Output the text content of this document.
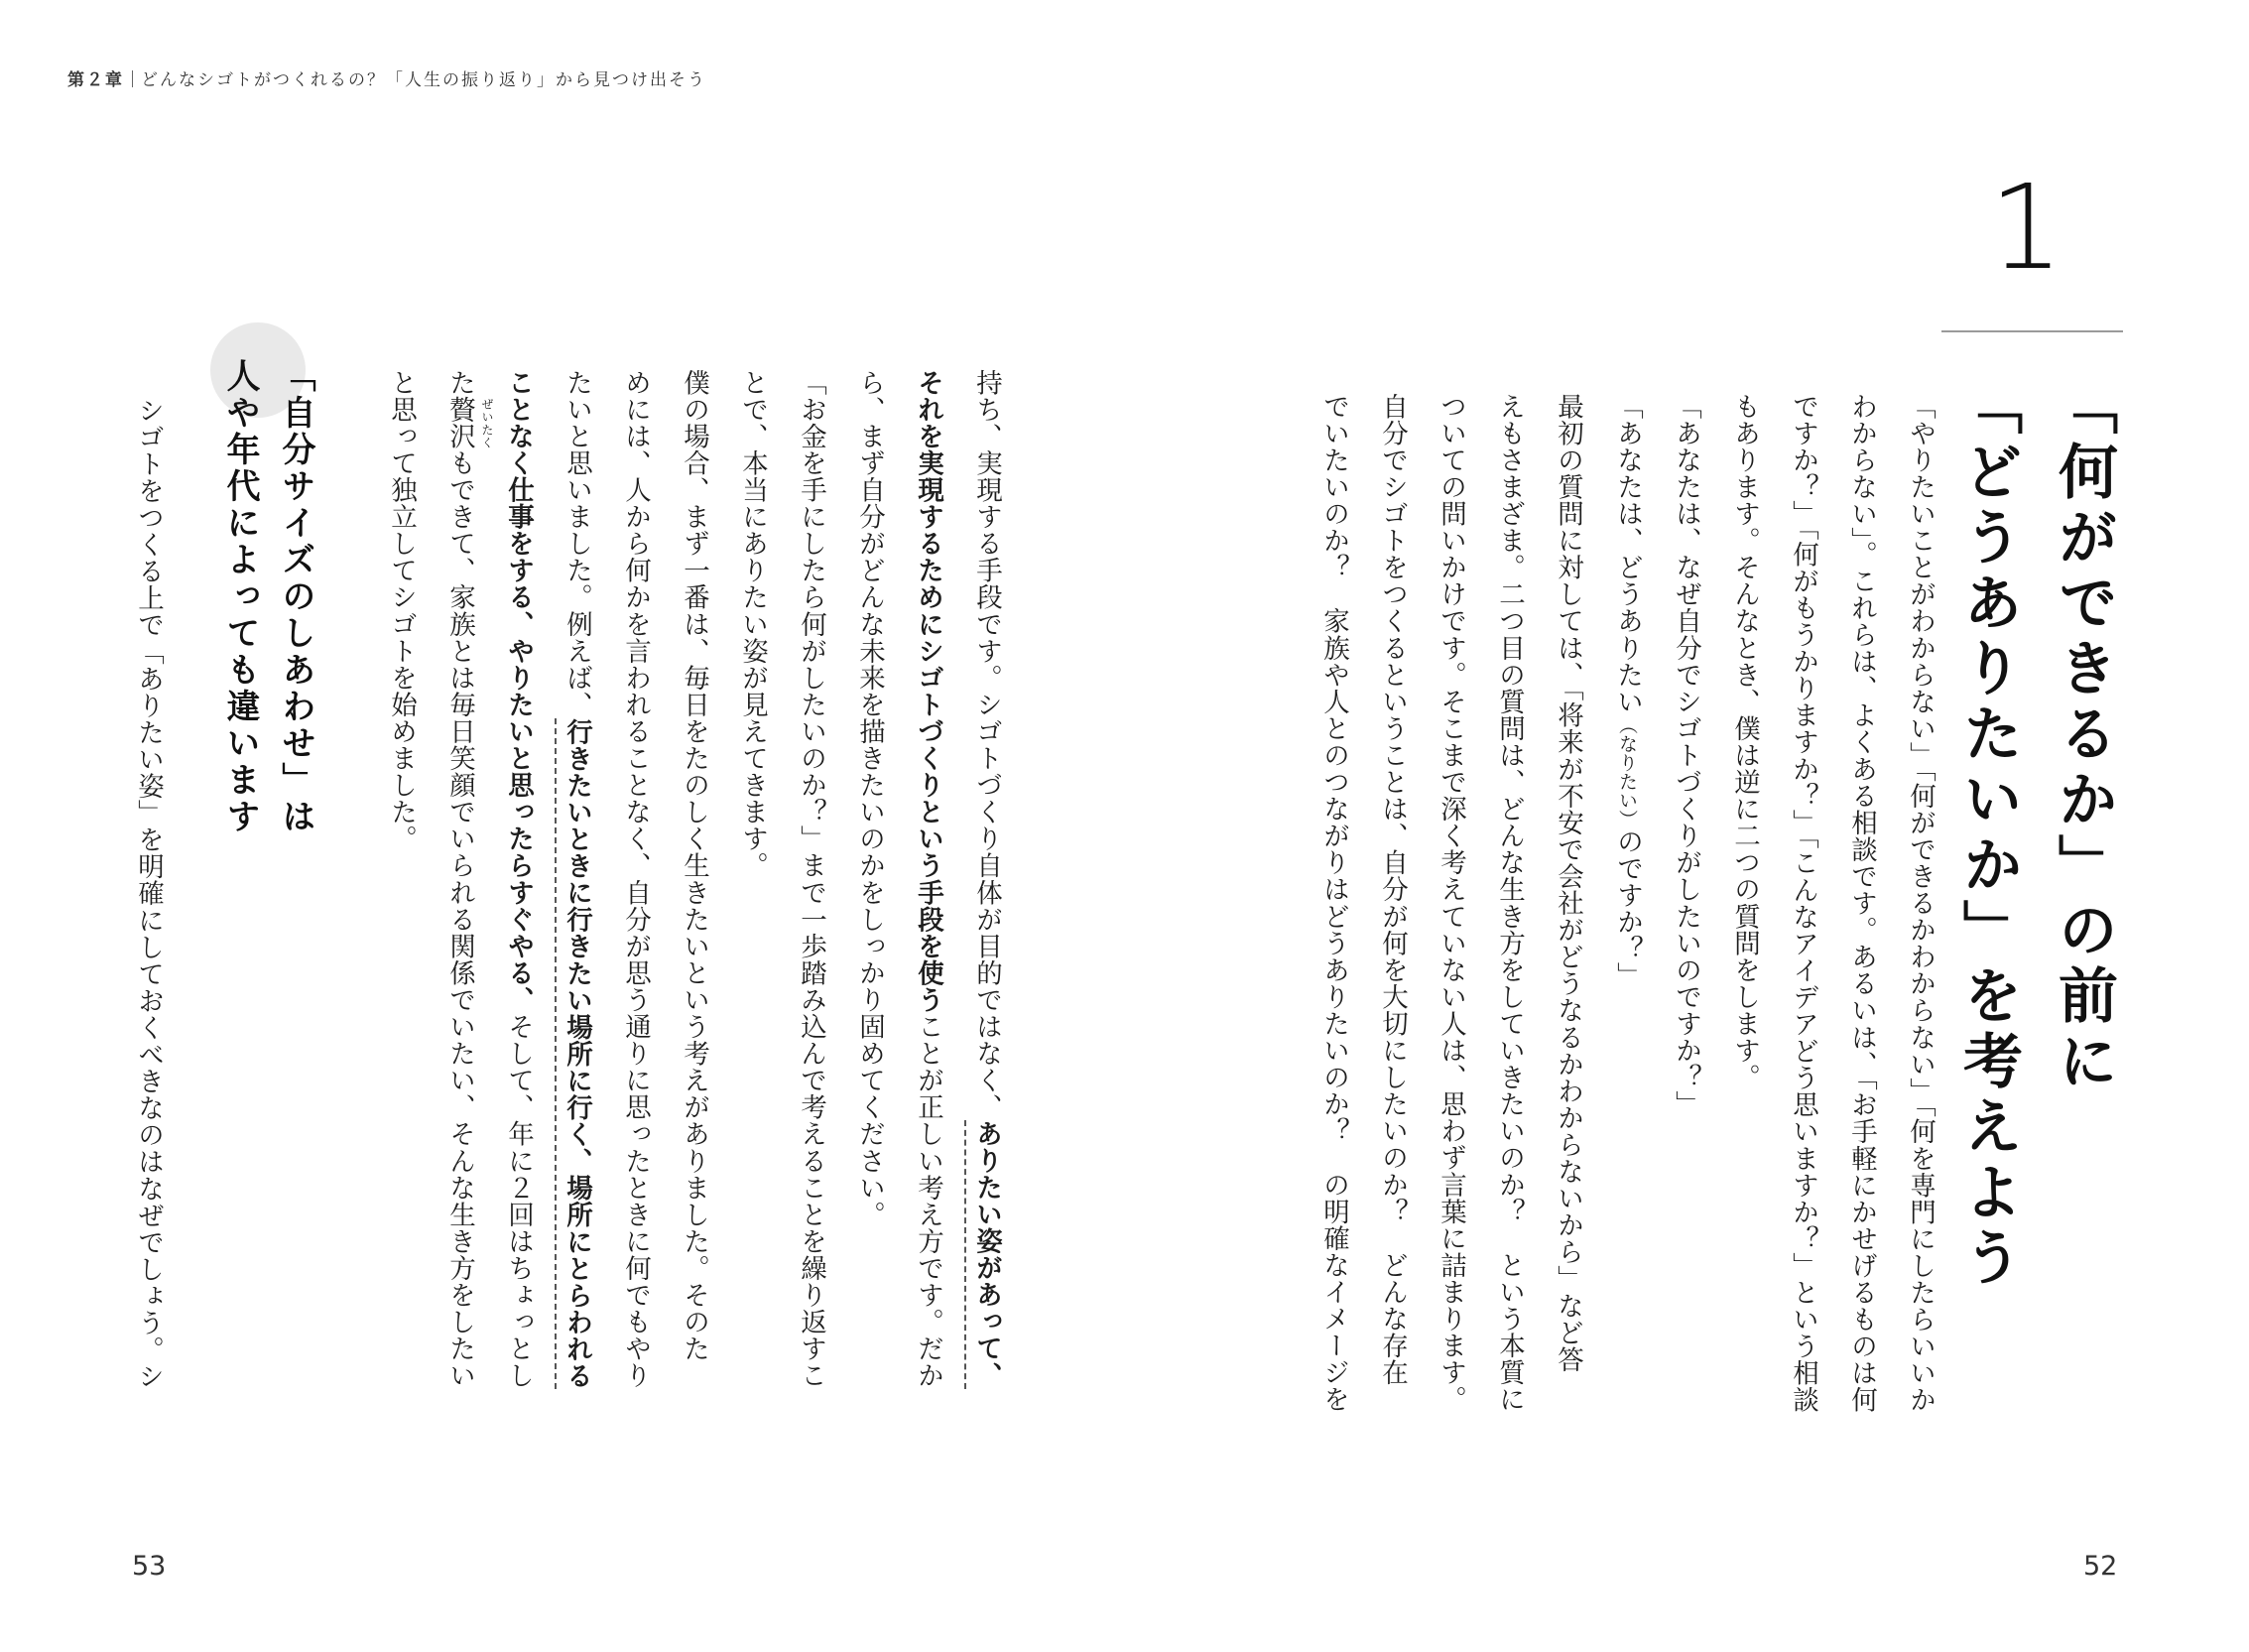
第２章 どんなシゴトがつくれるの？「人生の振り返り」から見つけ出そう
1
「何ができるか」の前に
「どうありたいか」を考えよう
「やりたいことがわからない」「何ができるかわからない」「何を専門にしたらいいか
わからない」。これらは、よくある相談です。あるいは、「お手軽にかせげるものは何
ですか？」「何がもうかりますか？」「こんなアイデアどう思いますか？」という相談
もあります。そんなとき、僕は逆に二つの質問をします。
「あなたは、なぜ自分でシゴトづくりがしたいのですか？」
「あなたは、どうありたい（なりたい）のですか？」
最初の質問に対しては、「将来が不安で会社がどうなるかわからないから」など答
えもさまざま。二つ目の質問は、どんな生き方をしていきたいのか？　という本質に
ついての問いかけです。そこまで深く考えていない人は、思わず言葉に詰まります。
自分でシゴトをつくるということは、自分が何を大切にしたいのか？　どんな存在
でいたいのか？　家族や人とのつながりはどうありたいのか？　の明確なイメージを
52
持ち、実現する手段です。シゴトづくり自体が目的ではなく、ありたい姿があって、
それを実現するためにシゴトづくりという手段を使うことが正しい考え方です。だか
ら、まず自分がどんな未来を描きたいのかをしっかり固めてください。
「お金を手にしたら何がしたいのか？」まで一歩踏み込んで考えることを繰り返すこ
とで、本当にありたい姿が見えてきます。
僕の場合、まず一番は、毎日をたのしく生きたいという考えがありました。そのた
めには、人から何かを言われることなく、自分が思う通りに思ったときに何でもやり
たいと思いました。例えば、行きたいときに行きたい場所に行く、場所にとらわれる
ことなく仕事をする、やりたいと思ったらすぐやる、そして、年に２回はちょっとし
た贅沢 ぜいたく
もできて、家族とは毎日笑顔でいられる関係でいたい、そんな生き方をしたい
と思って独立してシゴトを始めました。
「自分サイズのしあわせ」は
人や年代によっても違います
シゴトをつくる上で「ありたい姿」を明確にしておくべきなのはなぜでしょう。シ
53
